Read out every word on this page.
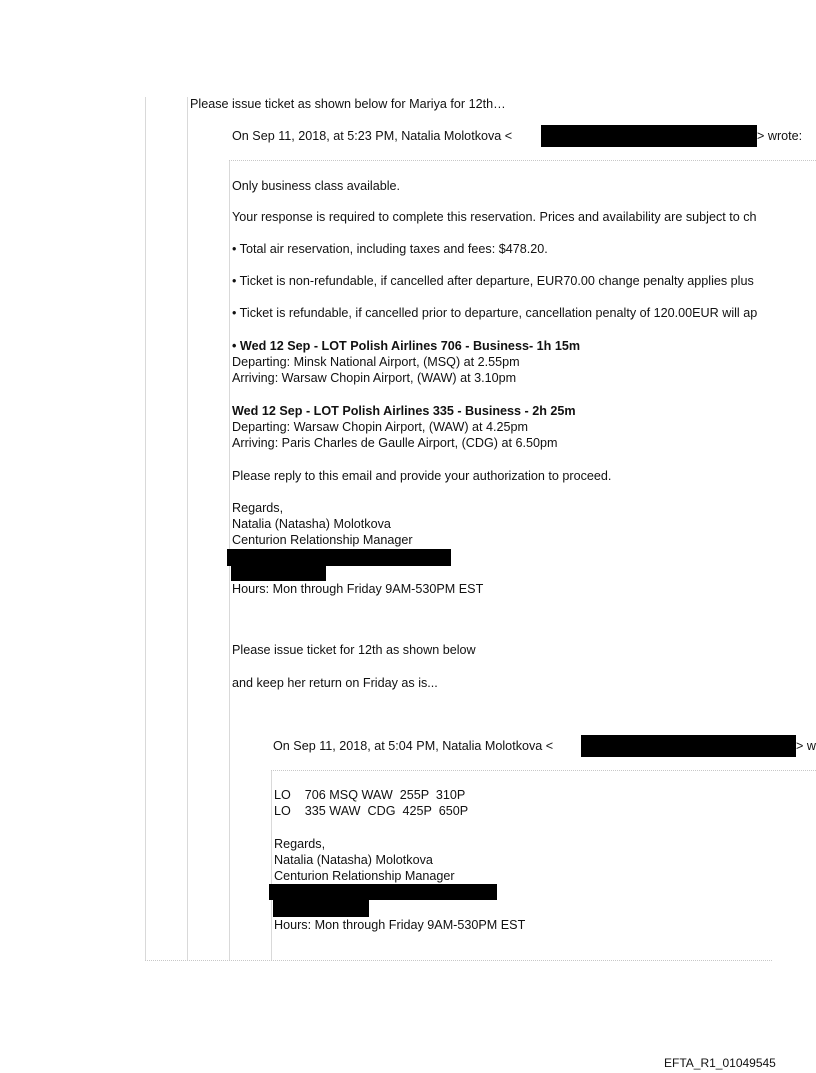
Please issue ticket as shown below for Mariya for 12th…
On Sep 11, 2018, at 5:23 PM, Natalia Molotkova <	> wrote:
Only business class available.
Your response is required to complete this reservation. Prices and availability are subject to ch
• Total air reservation, including taxes and fees: $478.20.
• Ticket is non-refundable, if cancelled after departure, EUR70.00 change penalty applies plus
• Ticket is refundable, if cancelled prior to departure, cancellation penalty of 120.00EUR will ap
• Wed 12 Sep - LOT Polish Airlines 706 - Business- 1h 15m
Departing: Minsk National Airport, (MSQ) at 2.55pm
Arriving: Warsaw Chopin Airport, (WAW) at 3.10pm
Wed 12 Sep - LOT Polish Airlines 335 - Business - 2h 25m
Departing: Warsaw Chopin Airport, (WAW) at 4.25pm
Arriving: Paris Charles de Gaulle Airport, (CDG) at 6.50pm
Please reply to this email and provide your authorization to proceed.
Regards,
Natalia (Natasha) Molotkova
Centurion Relationship Manager
Hours: Mon through Friday 9AM-530PM EST
Please issue ticket for 12th as shown below
and keep her return on Friday as is...
On Sep 11, 2018, at 5:04 PM, Natalia Molotkova <	> w
LO    706 MSQ WAW  255P  310P
LO    335 WAW  CDG  425P  650P
Regards,
Natalia (Natasha) Molotkova
Centurion Relationship Manager
Hours: Mon through Friday 9AM-530PM EST
EFTA_R1_01049545
